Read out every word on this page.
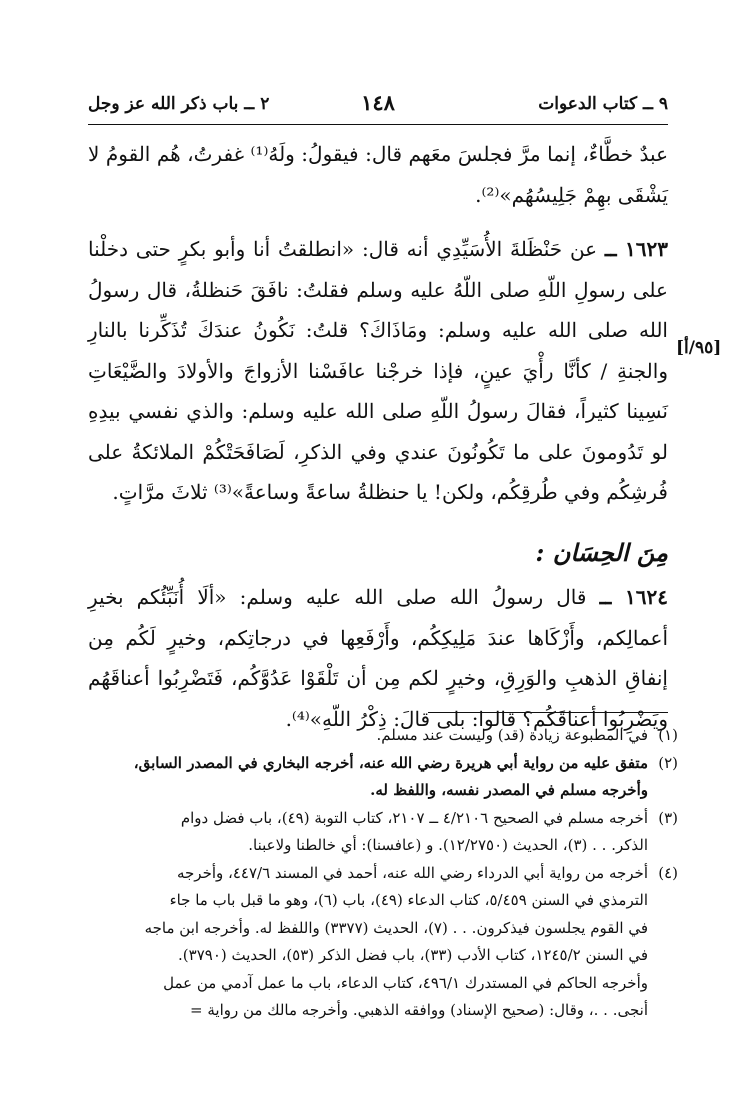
٩ ــ كتاب الدعوات
١٤٨
٢ ــ باب ذكر الله عز وجل
[٩٥/أ]

عبدٌ خطَّاءٌ، إنما مرَّ فجلسَ معَهم قال: فيقولُ: ولَهُ⁽¹⁾ غفرتُ، هُم القومُ لا يَشْقَى بهِمْ جَلِيسُهُم»⁽²⁾.

١٦٢٣ ــ عن حَنْظَلةَ الأُسَيِّدِي أنه قال: «انطلقتُ أنا وأبو بكرٍ حتى دخلْنا على رسولِ اللّهِ صلى اللّهُ عليه وسلم فقلتُ: نافَقَ حَنظلةُ، قال رسولُ الله صلى الله عليه وسلم: ومَاذَاكَ؟ قلتُ: نَكُونُ عندَكَ تُذَكِّرنا بالنارِ والجنةِ / كأنَّا رأْيَ عينٍ، فإذا خرجْنا عافَسْنا الأزواجَ والأولادَ والضَّيْعَاتِ نَسِينا كثيراً، فقالَ رسولُ اللّهِ صلى الله عليه وسلم: والذي نفسي بيدِهِ لو تَدُومونَ على ما تَكُونُونَ عندي وفي الذكرِ، لَصَافَحَتْكُمْ الملائكةُ على فُرشِكُم وفي طُرقِكُم، ولكن! يا حنظلةُ ساعةً وساعةً»⁽³⁾ ثلاثَ مرَّاتٍ.

مِنَ الحِسَان :

١٦٢٤ ــ قال رسولُ الله صلى الله عليه وسلم: «ألَا أُنَبِّئُكم بخيرِ أعمالِكم، وأَزْكَاها عندَ مَلِيكِكُم، وأَرْفَعِها في درجاتِكم، وخيرٍ لَكُم مِن إنفاقِ الذهبِ والوَرِقِ، وخيرٍ لكم مِن أن تَلْقَوْا عَدُوَّكُم، فَتَضْرِبُوا أعناقَهُم ويَضْرِبُوا أعناقَكُم؟ قالوا: بلى قالَ: ذِكْرُ اللّهِ»⁽⁴⁾.

(١)

في المطبوعة زيادة (قد) وليست عند مسلم.

(٢)

متفق عليه من رواية أبي هريرة رضي الله عنه، أخرجه البخاري في المصدر السابق،

وأخرجه مسلم في المصدر نفسه، واللفظ له.

(٣)

أخرجه مسلم في الصحيح ٤/٢١٠٦ ــ ٢١٠٧، كتاب التوبة (٤٩)، باب فضل دوام

الذكر. . . (٣)، الحديث (١٢/٢٧٥٠). و (عافسنا): أي خالطنا ولاعبنا.

(٤)

أخرجه من رواية أبي الدرداء رضي الله عنه، أحمد في المسند ٤٤٧/٦، وأخرجه

الترمذي في السنن ٥/٤٥٩، كتاب الدعاء (٤٩)، باب (٦)، وهو ما قبل باب ما جاء

في القوم يجلسون فيذكرون. . . (٧)، الحديث (٣٣٧٧) واللفظ له. وأخرجه ابن ماجه

في السنن ١٢٤٥/٢، كتاب الأدب (٣٣)، باب فضل الذكر (٥٣)، الحديث (٣٧٩٠).

وأخرجه الحاكم في المستدرك ٤٩٦/١، كتاب الدعاء، باب ما عمل آدمي من عمل

أنجى. . .، وقال: (صحيح الإسناد) ووافقه الذهبي. وأخرجه مالك من رواية =
